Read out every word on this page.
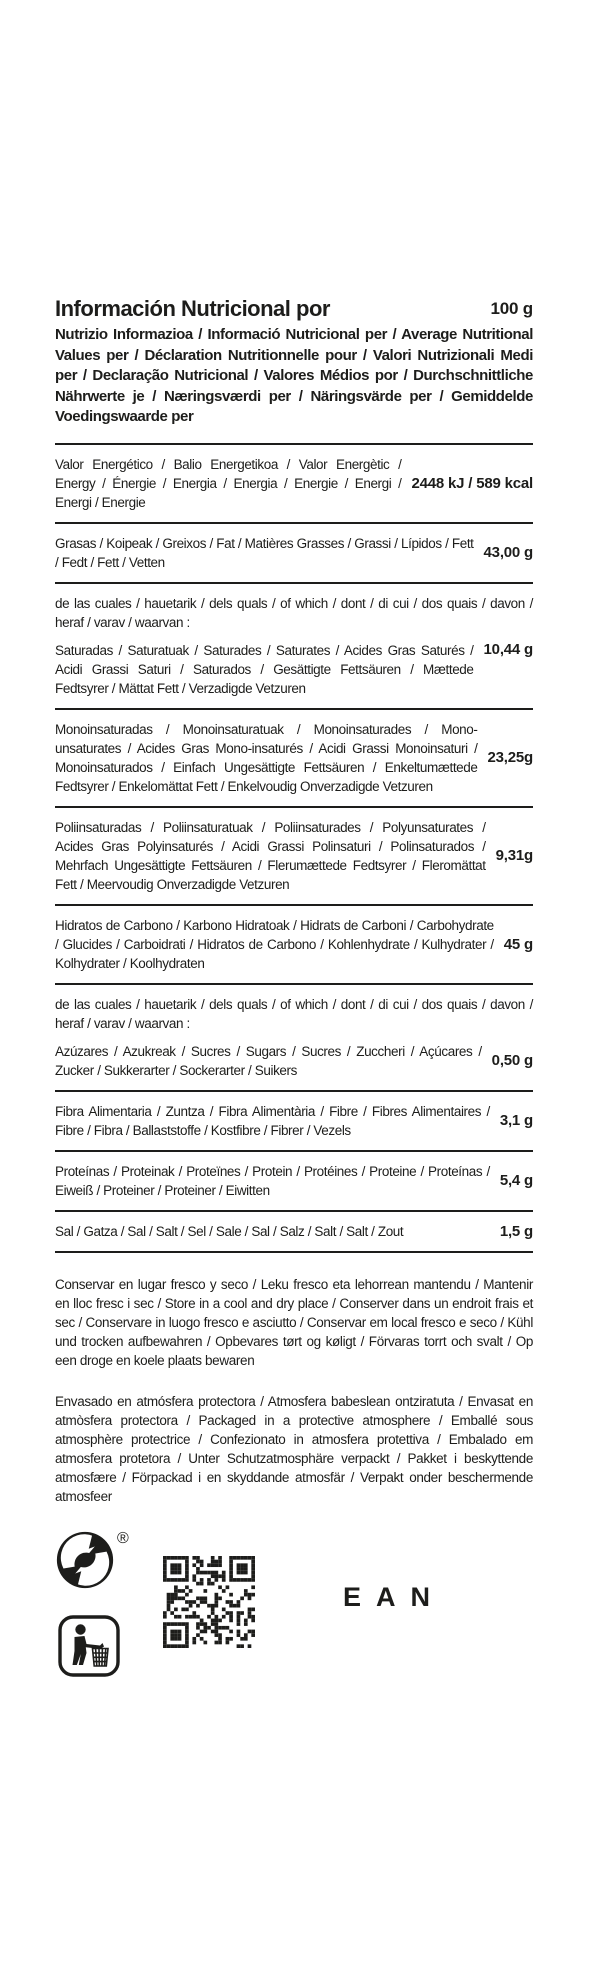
Información Nutricional por	100 g

Nutrizio Informazioa / Informació Nutricional per / Average Nutritional Values per / Déclaration Nutritionnelle pour / Valori Nutrizionali Medi per / Declaração Nutricional / Valores Médios por / Durchschnittliche Nährwerte je / Næringsværdi per / Näringsvärde per / Gemiddelde Voedingswaarde per

Valor Energético / Balio Energetikoa / Valor Energètic / Energy / Énergie / Energia / Energia / Energie / Energi / Energi / Energie

2448 kJ / 589 kcal

Grasas / Koipeak / Greixos / Fat / Matières Grasses / Grassi / Lípidos / Fett / Fedt / Fett / Vetten

43,00 g

de las cuales / hauetarik / dels quals / of which / dont / di cui / dos quais / davon / heraf / varav / waarvan :

Saturadas / Saturatuak / Saturades / Saturates / Acides Gras Saturés / Acidi Grassi Saturi / Saturados / Gesättigte Fettsäuren / Mættede Fedtsyrer / Mättat Fett / Verzadigde Vetzuren

10,44 g

Monoinsaturadas / Monoinsaturatuak / Monoinsaturades / Mono-unsaturates / Acides Gras Mono-insaturés / Acidi Grassi Monoinsaturi / Monoinsaturados / Einfach Ungesättigte Fettsäuren / Enkeltumættede Fedtsyrer / Enkelomättat Fett / Enkelvoudig Onverzadigde Vetzuren

23,25g

Poliinsaturadas / Poliinsaturatuak / Poliinsaturades / Polyunsaturates / Acides Gras Polyinsaturés / Acidi Grassi Polinsaturi / Polinsaturados / Mehrfach Ungesättigte Fettsäuren / Flerumættede Fedtsyrer / Fleromättat Fett / Meervoudig Onverzadigde Vetzuren

9,31g

Hidratos de Carbono / Karbono Hidratoak / Hidrats de Carboni / Carbohydrate / Glucides / Carboidrati / Hidratos de Carbono / Kohlenhydrate / Kulhydrater / Kolhydrater / Koolhydraten

45 g

de las cuales / hauetarik / dels quals / of which / dont / di cui / dos quais / davon / heraf / varav / waarvan :

Azúzares / Azukreak / Sucres / Sugars / Sucres / Zuccheri / Açúcares / Zucker / Sukkerarter / Sockerarter / Suikers

0,50 g

Fibra Alimentaria / Zuntza / Fibra Alimentària / Fibre / Fibres Alimentaires / Fibre / Fibra / Ballaststoffe / Kostfibre / Fibrer / Vezels

3,1 g

Proteínas / Proteinak / Proteïnes / Protein / Protéines / Proteine / Proteínas / Eiweiß / Proteiner / Proteiner / Eiwitten

5,4 g

Sal / Gatza / Sal / Salt / Sel / Sale / Sal / Salz / Salt / Salt / Zout	1,5 g

Conservar en lugar fresco y seco / Leku fresco eta lehorrean mantendu / Mantenir en lloc fresc i sec / Store in a cool and dry place / Conserver dans un endroit frais et sec / Conservare in luogo fresco e asciutto / Conservar em local fresco e seco / Kühl und trocken aufbewahren / Opbevares tørt og køligt / Förvaras torrt och svalt / Op een droge en koele plaats bewaren

Envasado en atmósfera protectora / Atmosfera babeslean ontziratuta / Envasat en atmòsfera protectora / Packaged in a protective atmosphere / Emballé sous atmosphère protectrice / Confezionato in atmosfera protettiva / Embalado em atmosfera protetora / Unter Schutzatmosphäre verpackt / Pakket i beskyttende atmosfære / Förpackad i en skyddande atmosfär / Verpakt onder beschermende atmosfeer

®
EAN
